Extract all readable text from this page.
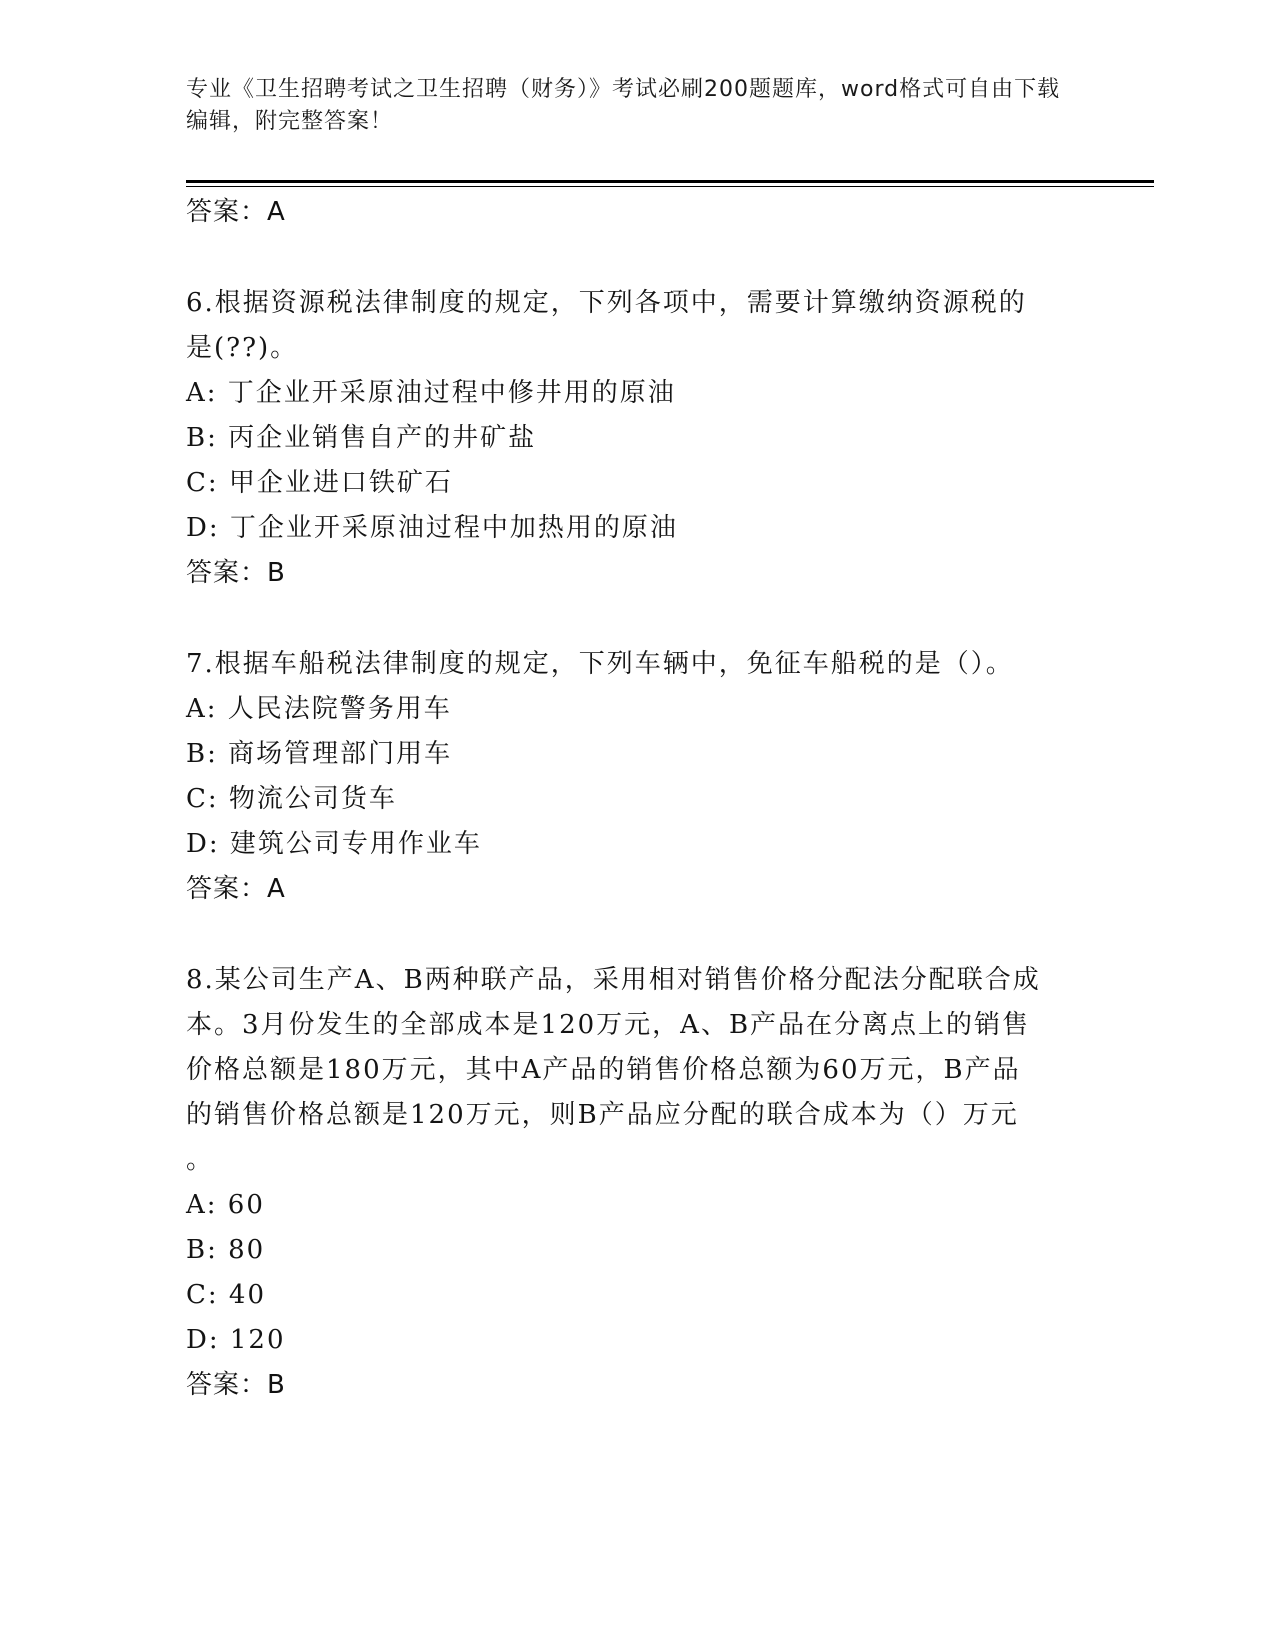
专业《卫生招聘考试之卫生招聘（财务）》考试必刷200题题库，word格式可自由下载编辑，附完整答案！
答案：A
6.根据资源税法律制度的规定，下列各项中，需要计算缴纳资源税的
是(??)。
A: 丁企业开采原油过程中修井用的原油
B: 丙企业销售自产的井矿盐
C: 甲企业进口铁矿石
D: 丁企业开采原油过程中加热用的原油
答案：B
7.根据车船税法律制度的规定，下列车辆中，免征车船税的是（）。
A: 人民法院警务用车
B: 商场管理部门用车
C: 物流公司货车
D: 建筑公司专用作业车
答案：A
8.某公司生产A、B两种联产品，采用相对销售价格分配法分配联合成
本。3月份发生的全部成本是120万元，A、B产品在分离点上的销售
价格总额是180万元，其中A产品的销售价格总额为60万元，B产品
的销售价格总额是120万元，则B产品应分配的联合成本为（）万元
。
A: 60
B: 80
C: 40
D: 120
答案：B
